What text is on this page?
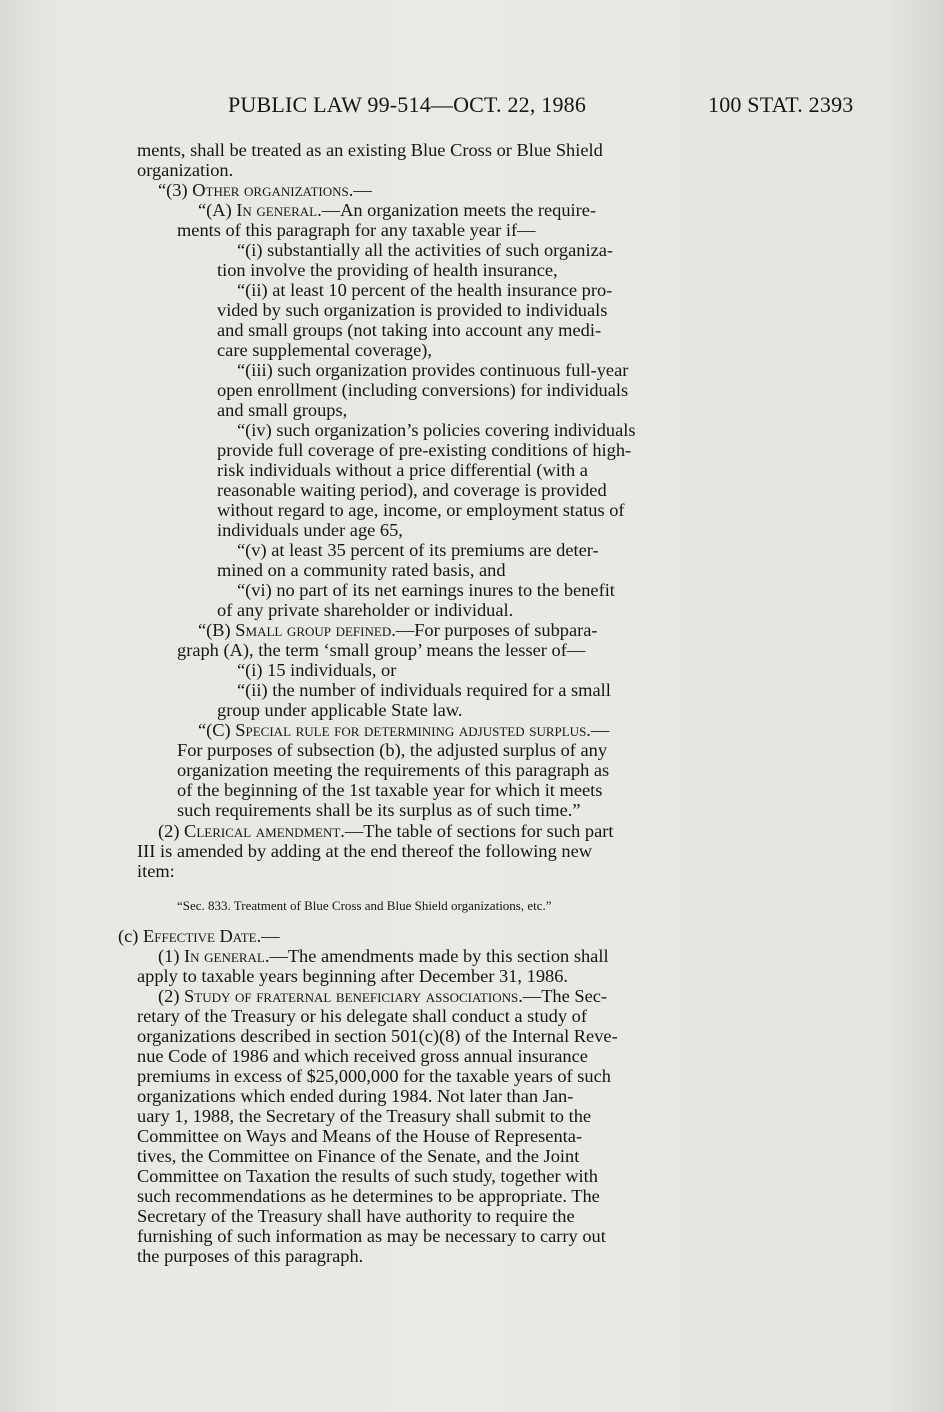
PUBLIC LAW 99-514—OCT. 22, 1986	100 STAT. 2393
ments, shall be treated as an existing Blue Cross or Blue Shield
organization.
“(3) Other organizations.—
“(A) In general.—An organization meets the require-
ments of this paragraph for any taxable year if—
“(i) substantially all the activities of such organiza-
tion involve the providing of health insurance,
“(ii) at least 10 percent of the health insurance pro-
vided by such organization is provided to individuals
and small groups (not taking into account any medi-
care supplemental coverage),
“(iii) such organization provides continuous full-year
open enrollment (including conversions) for individuals
and small groups,
“(iv) such organization’s policies covering individuals
provide full coverage of pre-existing conditions of high-
risk individuals without a price differential (with a
reasonable waiting period), and coverage is provided
without regard to age, income, or employment status of
individuals under age 65,
“(v) at least 35 percent of its premiums are deter-
mined on a community rated basis, and
“(vi) no part of its net earnings inures to the benefit
of any private shareholder or individual.
“(B) Small group defined.—For purposes of subpara-
graph (A), the term ‘small group’ means the lesser of—
“(i) 15 individuals, or
“(ii) the number of individuals required for a small
group under applicable State law.
“(C) Special rule for determining adjusted surplus.—
For purposes of subsection (b), the adjusted surplus of any
organization meeting the requirements of this paragraph as
of the beginning of the 1st taxable year for which it meets
such requirements shall be its surplus as of such time.”
(2) Clerical amendment.—The table of sections for such part
III is amended by adding at the end thereof the following new
item:
“Sec. 833. Treatment of Blue Cross and Blue Shield organizations, etc.”
(c) Effective Date.—
(1) In general.—The amendments made by this section shall
apply to taxable years beginning after December 31, 1986.
(2) Study of fraternal beneficiary associations.—The Sec-
retary of the Treasury or his delegate shall conduct a study of
organizations described in section 501(c)(8) of the Internal Reve-
nue Code of 1986 and which received gross annual insurance
premiums in excess of $25,000,000 for the taxable years of such
organizations which ended during 1984. Not later than Jan-
uary 1, 1988, the Secretary of the Treasury shall submit to the
Committee on Ways and Means of the House of Representa-
tives, the Committee on Finance of the Senate, and the Joint
Committee on Taxation the results of such study, together with
such recommendations as he determines to be appropriate. The
Secretary of the Treasury shall have authority to require the
furnishing of such information as may be necessary to carry out
the purposes of this paragraph.
